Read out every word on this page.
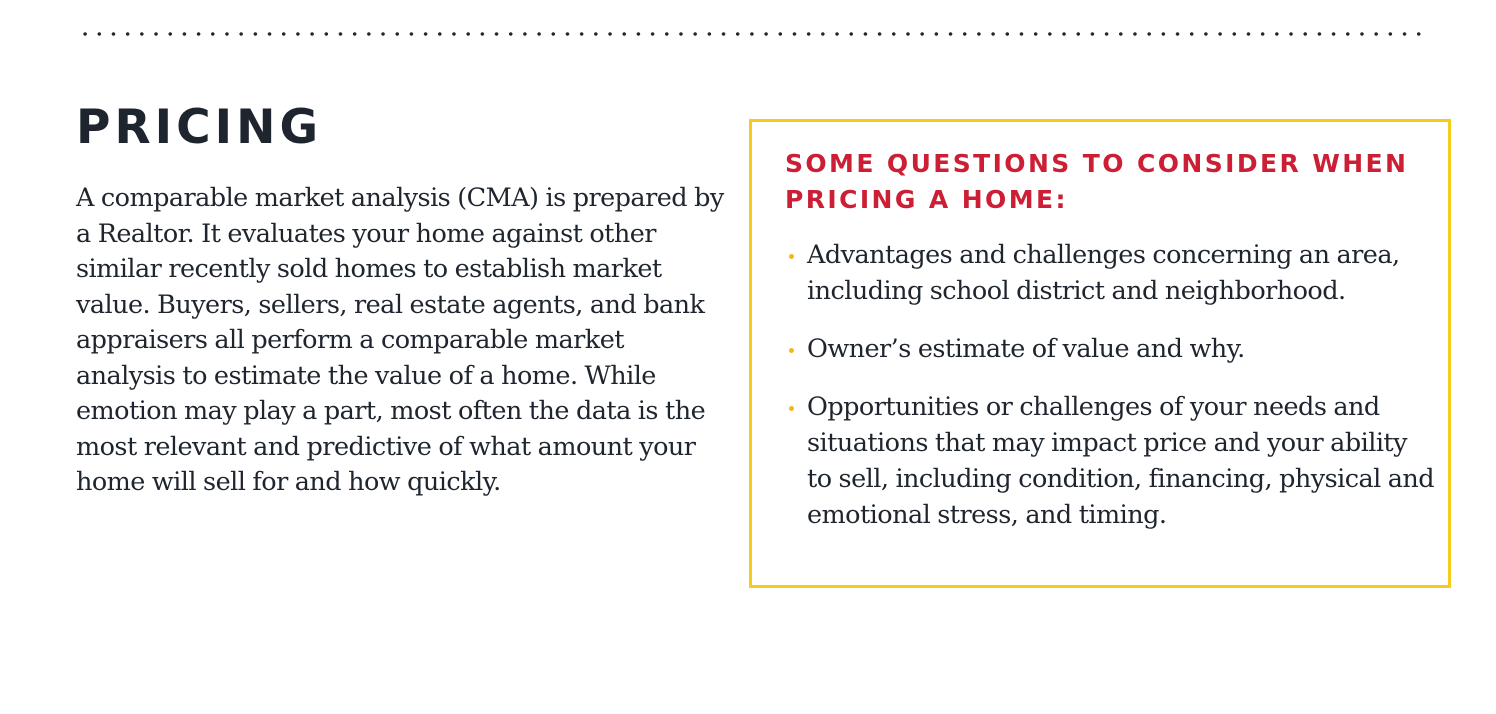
PRICING

A comparable market analysis (CMA) is prepared by a Realtor. It evaluates your home against other similar recently sold homes to establish market value. Buyers, sellers, real estate agents, and bank appraisers all perform a comparable market analysis to estimate the value of a home. While emotion may play a part, most often the data is the most relevant and predictive of what amount your home will sell for and how quickly.

SOME QUESTIONS TO CONSIDER WHEN PRICING A HOME:
Advantages and challenges concerning an area, including school district and neighborhood.
Owner’s estimate of value and why.
Opportunities or challenges of your needs and situations that may impact price and your ability to sell, including condition, financing, physical and emotional stress, and timing.
